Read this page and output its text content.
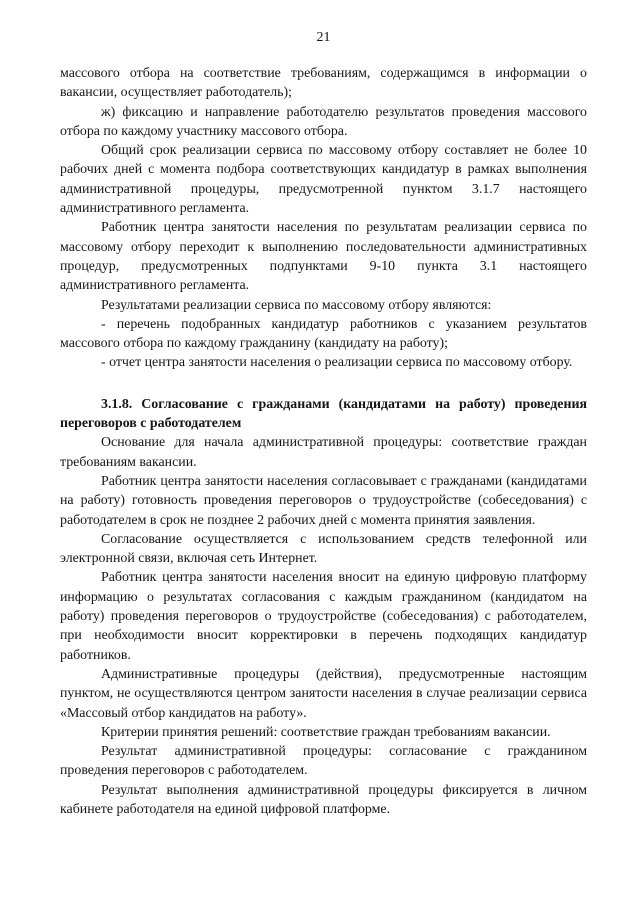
21

массового отбора на соответствие требованиям, содержащимся в информации о вакансии, осуществляет работодатель);

ж) фиксацию и направление работодателю результатов проведения массового отбора по каждому участнику массового отбора.

Общий срок реализации сервиса по массовому отбору составляет не более 10 рабочих дней с момента подбора соответствующих кандидатур в рамках выполнения административной процедуры, предусмотренной пунктом 3.1.7 настоящего административного регламента.

Работник центра занятости населения по результатам реализации сервиса по массовому отбору переходит к выполнению последовательности административных процедур, предусмотренных подпунктами 9-10 пункта 3.1 настоящего административного регламента.

Результатами реализации сервиса по массовому отбору являются:

- перечень подобранных кандидатур работников с указанием результатов массового отбора по каждому гражданину (кандидату на работу);

- отчет центра занятости населения о реализации сервиса по массовому отбору.

3.1.8. Согласование с гражданами (кандидатами на работу) проведения переговоров с работодателем

Основание для начала административной процедуры: соответствие граждан требованиям вакансии.

Работник центра занятости населения согласовывает с гражданами (кандидатами на работу) готовность проведения переговоров о трудоустройстве (собеседования) с работодателем в срок не позднее 2 рабочих дней с момента принятия заявления.

Согласование осуществляется с использованием средств телефонной или электронной связи, включая сеть Интернет.

Работник центра занятости населения вносит на единую цифровую платформу информацию о результатах согласования с каждым гражданином (кандидатом на работу) проведения переговоров о трудоустройстве (собеседования) с работодателем, при необходимости вносит корректировки в перечень подходящих кандидатур работников.

Административные процедуры (действия), предусмотренные настоящим пунктом, не осуществляются центром занятости населения в случае реализации сервиса «Массовый отбор кандидатов на работу».

Критерии принятия решений: соответствие граждан требованиям вакансии.

Результат административной процедуры: согласование с гражданином проведения переговоров с работодателем.

Результат выполнения административной процедуры фиксируется в личном кабинете работодателя на единой цифровой платформе.
